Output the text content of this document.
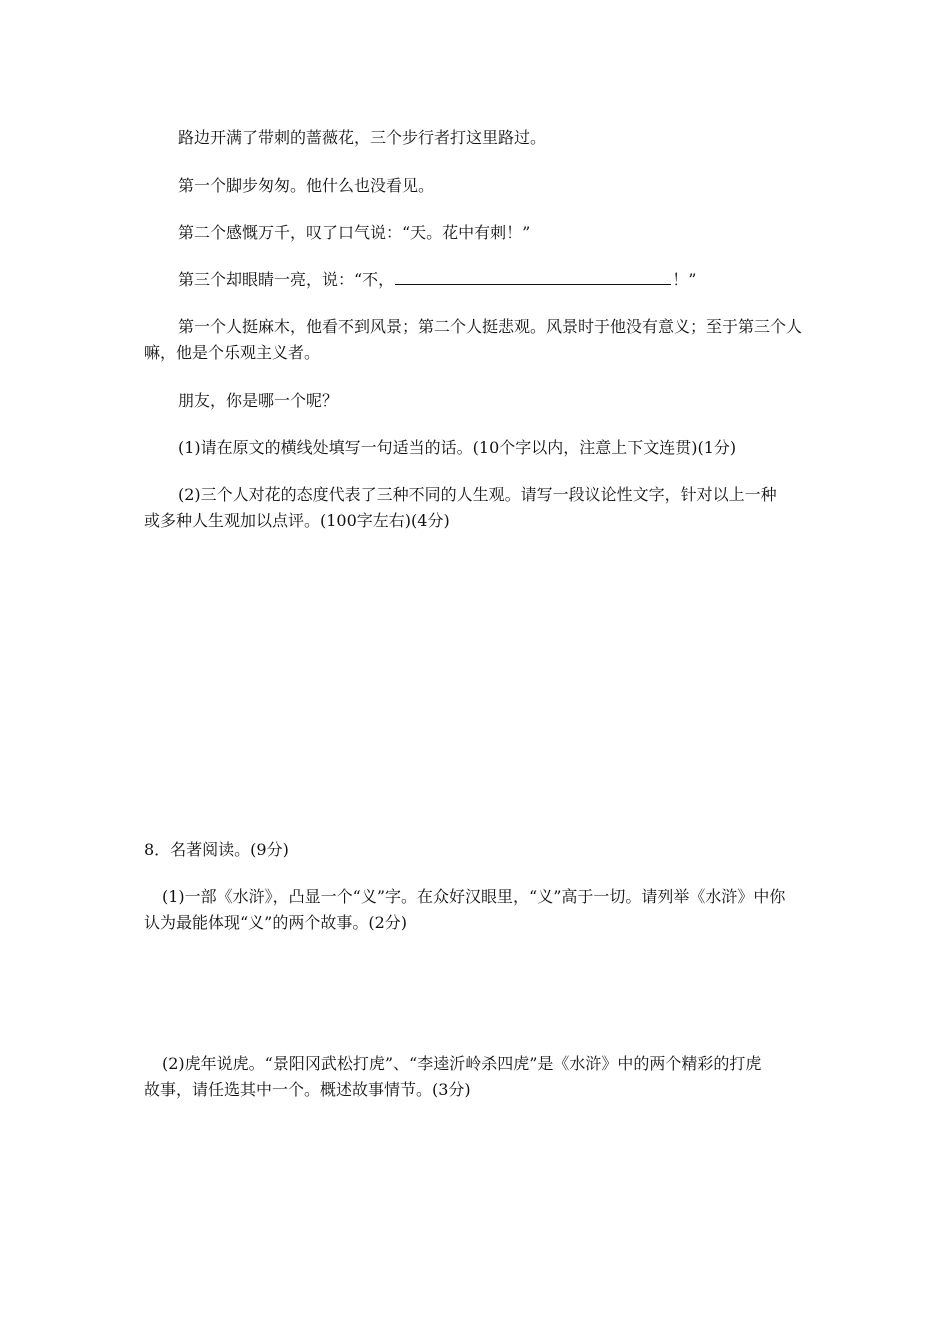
路边开满了带刺的蔷薇花，三个步行者打这里路过。
第一个脚步匆匆。他什么也没看见。
第二个感慨万千，叹了口气说：“天。花中有刺！”
第三个却眼睛一亮，说：“不，	！”
第一个人挺麻木，他看不到风景；第二个人挺悲观。风景时于他没有意义；至于第三个人
嘛，他是个乐观主义者。
朋友，你是哪一个呢？
(1)请在原文的横线处填写一句适当的话。(10个字以内，注意上下文连贯)(1分)
(2)三个人对花的态度代表了三种不同的人生观。请写一段议论性文字，针对以上一种
或多种人生观加以点评。(100字左右)(4分)
8．名著阅读。(9分)
(1)一部《水浒》，凸显一个“义”字。在众好汉眼里，“义”高于一切。请列举《水浒》中你
认为最能体现“义”的两个故事。(2分)
(2)虎年说虎。“景阳冈武松打虎”、“李逵沂岭杀四虎”是《水浒》中的两个精彩的打虎
故事，请任选其中一个。概述故事情节。(3分)
